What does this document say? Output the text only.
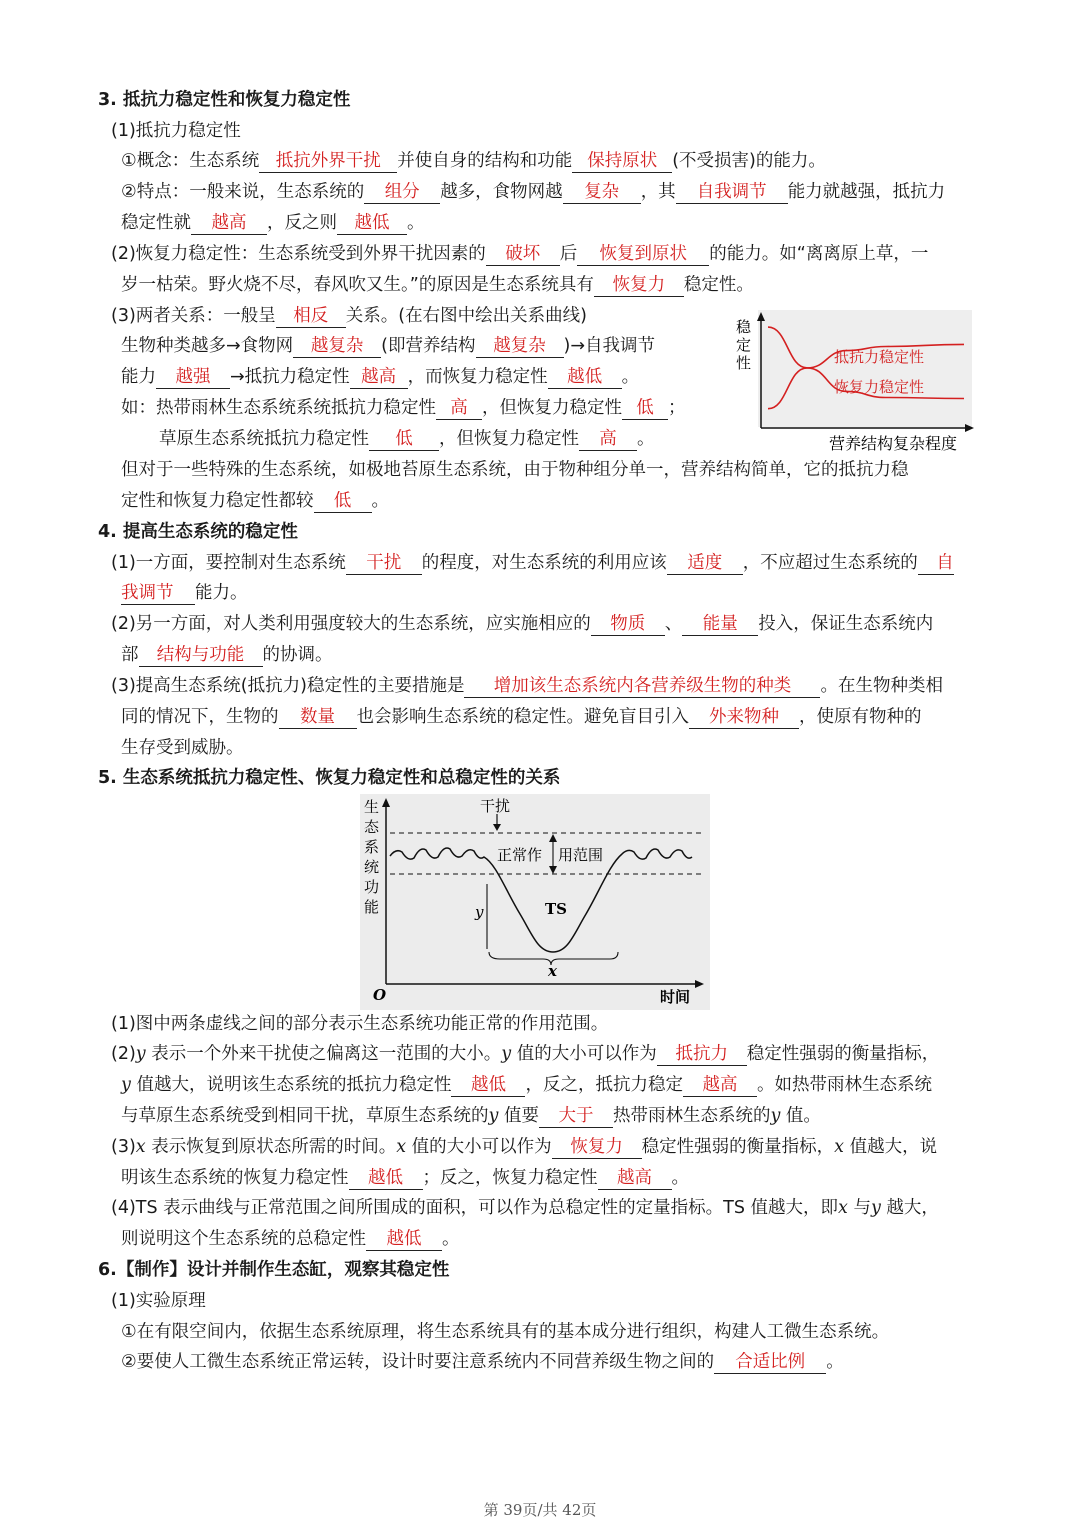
3. 抵抗力稳定性和恢复力稳定性
(1)抵抗力稳定性
①概念：生态系统 抵抗外界干扰 并使自身的结构和功能 保持原状 (不受损害)的能力。
②特点：一般来说，生态系统的 组分 越多，食物网越 复杂 ，其 自我调节 能力就越强，抵抗力
稳定性就 越高 ，反之则 越低 。
(2)恢复力稳定性：生态系统受到外界干扰因素的 破坏 后 恢复到原状 的能力。如“离离原上草，一
岁一枯荣。野火烧不尽，春风吹又生。”的原因是生态系统具有 恢复力 稳定性。
(3)两者关系：一般呈 相反 关系。(在右图中绘出关系曲线)
生物种类越多→食物网 越复杂 (即营养结构 越复杂 )→自我调节
能力 越强 →抵抗力稳定性 越高 ，而恢复力稳定性 越低 。
如：热带雨林生态系统系统抵抗力稳定性 高 ，但恢复力稳定性 低 ；
草原生态系统抵抗力稳定性 低 ，但恢复力稳定性 高 。
但对于一些特殊的生态系统，如极地苔原生态系统，由于物种组分单一，营养结构简单，它的抵抗力稳
定性和恢复力稳定性都较 低 。
稳
定
性	抵抗力稳定性
恢复力稳定性
营养结构复杂程度
4. 提高生态系统的稳定性
(1)一方面，要控制对生态系统 干扰 的程度，对生态系统的利用应该 适度 ，不应超过生态系统的 自
我调节 能力。
(2)另一方面，对人类利用强度较大的生态系统，应实施相应的 物质 、 能量 投入，保证生态系统内
部 结构与功能 的协调。
(3)提高生态系统(抵抗力)稳定性的主要措施是 增加该生态系统内各营养级生物的种类 。在生物种类相
同的情况下，生物的 数量 也会影响生态系统的稳定性。避免盲目引入 外来物种 ，使原有物种的
生存受到威胁。
5. 生态系统抵抗力稳定性、恢复力稳定性和总稳定性的关系
生
态
系
统
功
能
O	时间
干扰
正常作 用范围
TS
y
x
(1)图中两条虚线之间的部分表示生态系统功能正常的作用范围。
(2)y 表示一个外来干扰使之偏离这一范围的大小。y 值的大小可以作为 抵抗力 稳定性强弱的衡量指标，
y 值越大，说明该生态系统的抵抗力稳定性 越低 ，反之，抵抗力稳定 越高 。如热带雨林生态系统
与草原生态系统受到相同干扰，草原生态系统的y 值要 大于 热带雨林生态系统的y 值。
(3)x 表示恢复到原状态所需的时间。x 值的大小可以作为 恢复力 稳定性强弱的衡量指标，x 值越大，说
明该生态系统的恢复力稳定性 越低 ；反之，恢复力稳定性 越高 。
(4)TS 表示曲线与正常范围之间所围成的面积，可以作为总稳定性的定量指标。TS 值越大，即x 与y 越大，
则说明这个生态系统的总稳定性 越低 。
6.【制作】设计并制作生态缸，观察其稳定性
(1)实验原理
①在有限空间内，依据生态系统原理，将生态系统具有的基本成分进行组织，构建人工微生态系统。
②要使人工微生态系统正常运转，设计时要注意系统内不同营养级生物之间的 合适比例 。
第 39页/共 42页
